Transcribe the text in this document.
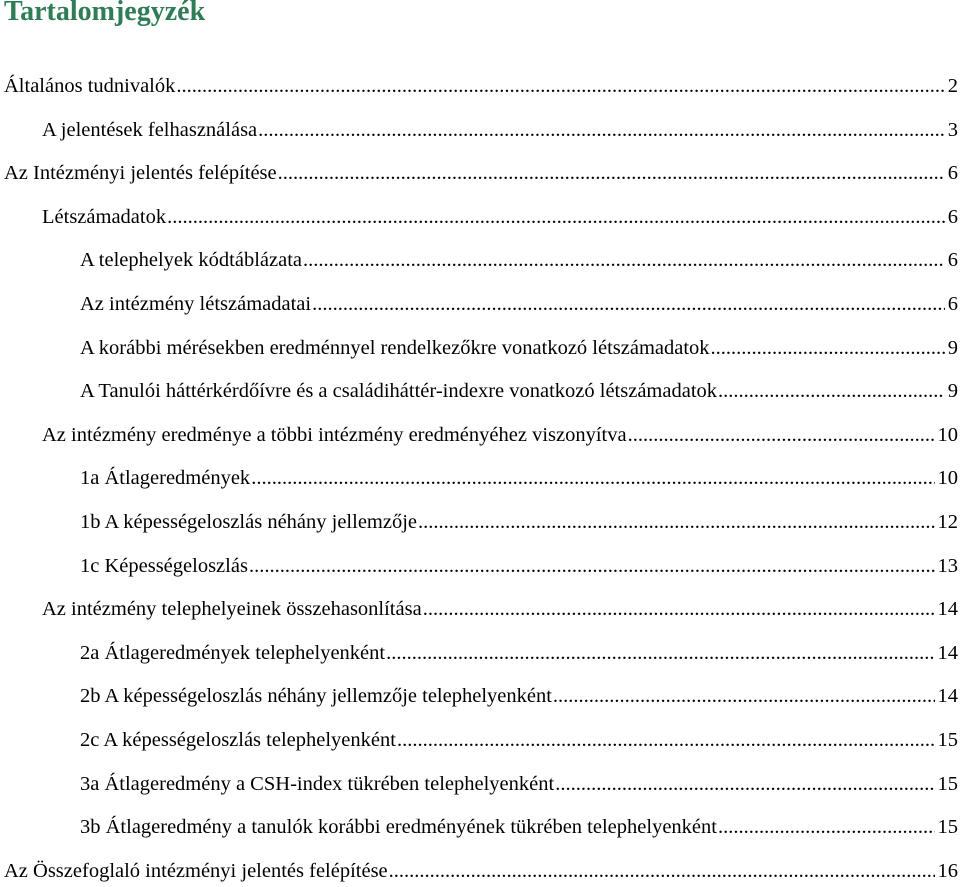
Tartalomjegyzék
Általános tudnivalók .....	2
A jelentések felhasználása .....	3
Az Intézményi jelentés felépítése .....	6
Létszámadatok .....	6
A telephelyek kódtáblázata .....	6
Az intézmény létszámadatai .....	6
A korábbi mérésekben eredménnyel rendelkezőkre vonatkozó létszámadatok .....	9
A Tanulói háttérkérdőívre és a családiháttér-indexre vonatkozó létszámadatok .....	9
Az intézmény eredménye a többi intézmény eredményéhez viszonyítva .....	10
1a Átlageredmények .....	10
1b A képességeloszlás néhány jellemzője .....	12
1c Képességeloszlás .....	13
Az intézmény telephelyeinek összehasonlítása .....	14
2a Átlageredmények telephelyenként .....	14
2b A képességeloszlás néhány jellemzője telephelyenként .....	14
2c A képességeloszlás telephelyenként .....	15
3a Átlageredmény a CSH-index tükrében telephelyenként .....	15
3b Átlageredmény a tanulók korábbi eredményének tükrében telephelyenként .....	15
Az Összefoglaló intézményi jelentés felépítése .....	16
